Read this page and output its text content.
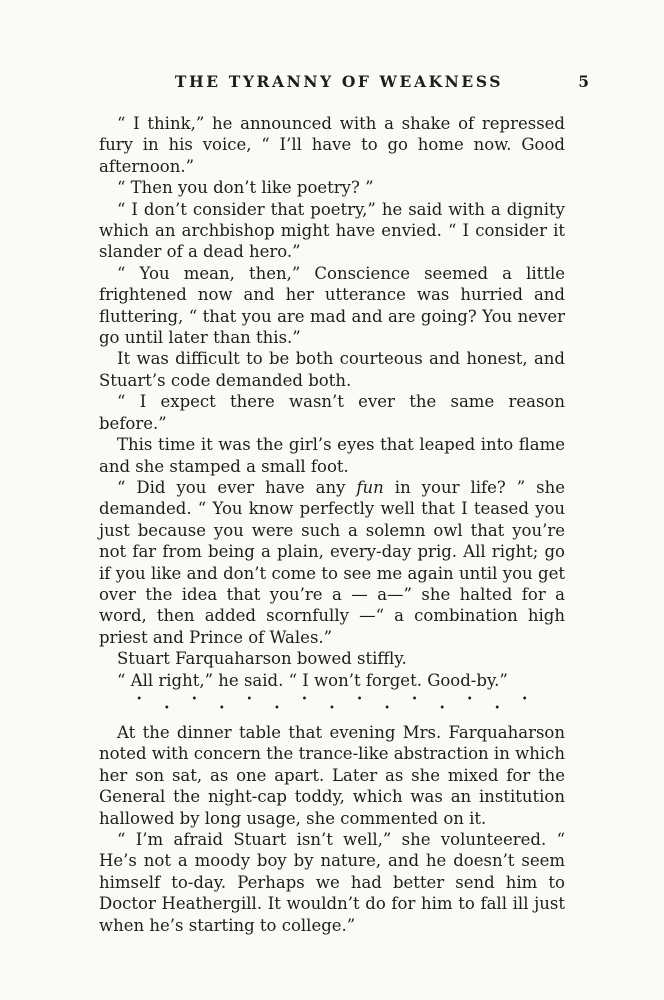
THE TYRANNY OF WEAKNESS	5

“ I think,” he announced with a shake of repressed fury in his voice, “ I’ll have to go home now. Good afternoon.”

“ Then you don’t like poetry? ”

“ I don’t consider that poetry,” he said with a dignity which an archbishop might have envied. “ I consider it slander of a dead hero.”

“ You mean, then,” Conscience seemed a little frightened now and her utterance was hurried and fluttering, “ that you are mad and are going? You never go until later than this.”

It was difficult to be both courteous and honest, and Stuart’s code demanded both.

“ I expect there wasn’t ever the same reason before.”

This time it was the girl’s eyes that leaped into flame and she stamped a small foot.

“ Did you ever have any fun in your life? ” she demanded. “ You know perfectly well that I teased you just because you were such a solemn owl that you’re not far from being a plain, every-day prig. All right; go if you like and don’t come to see me again until you get over the idea that you’re a — a—” she halted for a word, then added scornfully —“ a combination high priest and Prince of Wales.”

Stuart Farquaharson bowed stiffly.

“ All right,” he said. “ I won’t forget. Good-by.”

• • • • • • • •
• • • • • • •

At the dinner table that evening Mrs. Farquaharson noted with concern the trance-like abstraction in which her son sat, as one apart. Later as she mixed for the General the night-cap toddy, which was an institution hallowed by long usage, she commented on it.

“ I’m afraid Stuart isn’t well,” she volunteered. “ He’s not a moody boy by nature, and he doesn’t seem himself to-day. Perhaps we had better send him to Doctor Heathergill. It wouldn’t do for him to fall ill just when he’s starting to college.”
